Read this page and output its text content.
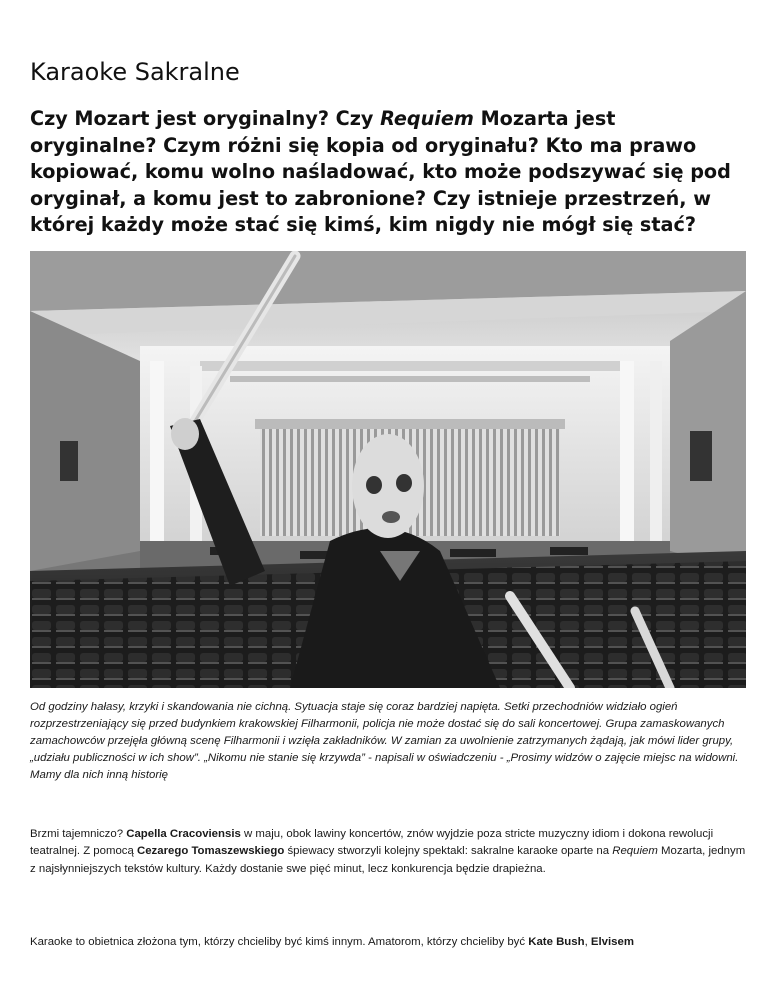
Karaoke Sakralne

Czy Mozart jest oryginalny? Czy Requiem Mozarta jest oryginalne? Czym różni się kopia od oryginału? Kto ma prawo kopiować, komu wolno naśladować, kto może podszywać się pod oryginał, a komu jest to zabronione? Czy istnieje przestrzeń, w której każdy może stać się kimś, kim nigdy nie mógł się stać?

Od godziny hałasy, krzyki i skandowania nie cichną. Sytuacja staje się coraz bardziej napięta. Setki przechodniów widziało ogień rozprzestrzeniający się przed budynkiem krakowskiej Filharmonii, policja nie może dostać się do sali koncertowej. Grupa zamaskowanych zamachowców przejęła główną scenę Filharmonii i wzięła zakładników. W zamian za uwolnienie zatrzymanych żądają, jak mówi lider grupy, „udziału publiczności w ich show”. „Nikomu nie stanie się krzywda” - napisali w oświadczeniu - „Prosimy widzów o zajęcie miejsc na widowni. Mamy dla nich inną historię

Brzmi tajemniczo? Capella Cracoviensis w maju, obok lawiny koncertów, znów wyjdzie poza stricte muzyczny idiom i dokona rewolucji teatralnej. Z pomocą Cezarego Tomaszewskiego śpiewacy stworzyli kolejny spektakl: sakralne karaoke oparte na Requiem Mozarta, jednym z najsłynniejszych tekstów kultury. Każdy dostanie swe pięć minut, lecz konkurencja będzie drapieżna.

Karaoke to obietnica złożona tym, którzy chcieliby być kimś innym. Amatorom, którzy chcieliby być Kate Bush, Elvisem
